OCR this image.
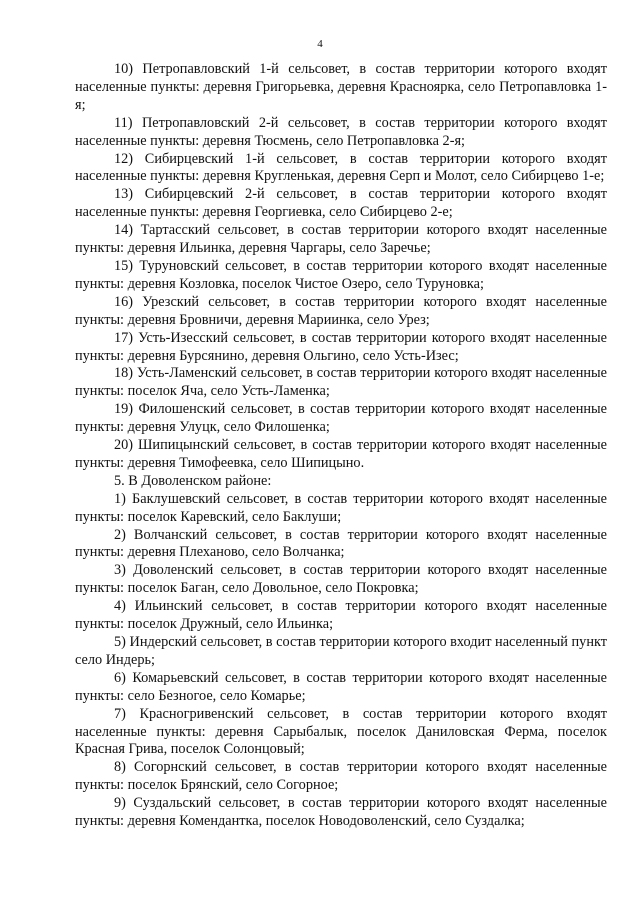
4

10) Петропавловский 1-й сельсовет, в состав территории которого входят населенные пункты: деревня Григорьевка, деревня Красноярка, село Петропавловка 1-я;

11) Петропавловский 2-й сельсовет, в состав территории которого входят населенные пункты: деревня Тюсмень, село Петропавловка 2-я;

12) Сибирцевский 1-й сельсовет, в состав территории которого входят населенные пункты: деревня Кругленькая, деревня Серп и Молот, село Сибирцево 1-е;

13) Сибирцевский 2-й сельсовет, в состав территории которого входят населенные пункты: деревня Георгиевка, село Сибирцево 2-е;

14) Тартасский сельсовет, в состав территории которого входят населенные пункты: деревня Ильинка, деревня Чаргары, село Заречье;

15) Туруновский сельсовет, в состав территории которого входят населенные пункты: деревня Козловка, поселок Чистое Озеро, село Туруновка;

16) Урезский сельсовет, в состав территории которого входят населенные пункты: деревня Бровничи, деревня Мариинка, село Урез;

17) Усть-Изесский сельсовет, в состав территории которого входят населенные пункты: деревня Бурсянино, деревня Ольгино, село Усть-Изес;

18) Усть-Ламенский сельсовет, в состав территории которого входят населенные пункты: поселок Яча, село Усть-Ламенка;

19) Филошенский сельсовет, в состав территории которого входят населенные пункты: деревня Улуцк, село Филошенка;

20) Шипицынский сельсовет, в состав территории которого входят населенные пункты: деревня Тимофеевка, село Шипицыно.

5. В Доволенском районе:

1) Баклушевский сельсовет, в состав территории которого входят населенные пункты: поселок Каревский, село Баклуши;

2) Волчанский сельсовет, в состав территории которого входят населенные пункты: деревня Плеханово, село Волчанка;

3) Доволенский сельсовет, в состав территории которого входят населенные пункты: поселок Баган, село Довольное, село Покровка;

4) Ильинский сельсовет, в состав территории которого входят населенные пункты: поселок Дружный, село Ильинка;

5) Индерский сельсовет, в состав территории которого входит населенный пункт село Индерь;

6) Комарьевский сельсовет, в состав территории которого входят населенные пункты: село Безногое, село Комарье;

7) Красногривенский сельсовет, в состав территории которого входят населенные пункты: деревня Сарыбалык, поселок Даниловская Ферма, поселок Красная Грива, поселок Солонцовый;

8) Согорнский сельсовет, в состав территории которого входят населенные пункты: поселок Брянский, село Согорное;

9) Суздальский сельсовет, в состав территории которого входят населенные пункты: деревня Комендантка, поселок Новодоволенский, село Суздалка;
